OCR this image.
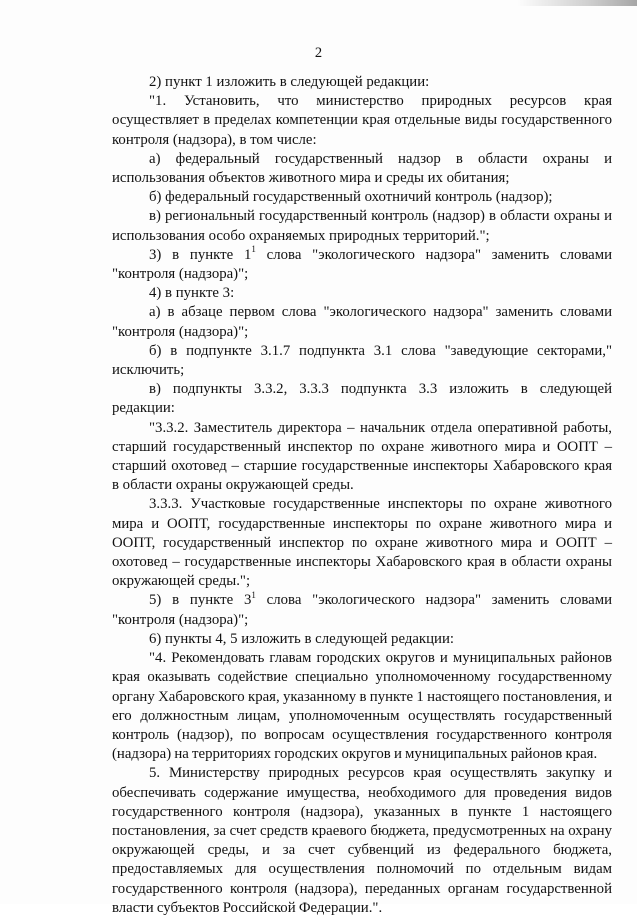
2

2) пункт 1 изложить в следующей редакции:

"1. Установить, что министерство природных ресурсов края осуществляет в пределах компетенции края отдельные виды государственного контроля (надзора), в том числе:

а) федеральный государственный надзор в области охраны и использования объектов животного мира и среды их обитания;

б) федеральный государственный охотничий контроль (надзор);

в) региональный государственный контроль (надзор) в области охраны и использования особо охраняемых природных территорий.";

3) в пункте $1^1$ слова "экологического надзора" заменить словами "контроля (надзора)";

4) в пункте 3:

а) в абзаце первом слова "экологического надзора" заменить словами "контроля (надзора)";

б) в подпункте 3.1.7 подпункта 3.1 слова "заведующие секторами," исключить;

в) подпункты 3.3.2, 3.3.3 подпункта 3.3 изложить в следующей редакции:

"3.3.2. Заместитель директора – начальник отдела оперативной работы, старший государственный инспектор по охране животного мира и ООПТ – старший охотовед – старшие государственные инспекторы Хабаровского края в области охраны окружающей среды.

3.3.3. Участковые государственные инспекторы по охране животного мира и ООПТ, государственные инспекторы по охране животного мира и ООПТ, государственный инспектор по охране животного мира и ООПТ – охотовед – государственные инспекторы Хабаровского края в области охраны окружающей среды.";

5) в пункте $3^1$ слова "экологического надзора" заменить словами "контроля (надзора)";

6) пункты 4, 5 изложить в следующей редакции:

"4. Рекомендовать главам городских округов и муниципальных районов края оказывать содействие специально уполномоченному государственному органу Хабаровского края, указанному в пункте 1 настоящего постановления, и его должностным лицам, уполномоченным осуществлять государственный контроль (надзор), по вопросам осуществления государственного контроля (надзора) на территориях городских округов и муниципальных районов края.

5. Министерству природных ресурсов края осуществлять закупку и обеспечивать содержание имущества, необходимого для проведения видов государственного контроля (надзора), указанных в пункте 1 настоящего постановления, за счет средств краевого бюджета, предусмотренных на охрану окружающей среды, и за счет субвенций из федерального бюджета, предоставляемых для осуществления полномочий по отдельным видам государственного контроля (надзора), переданных органам государственной власти субъектов Российской Федерации.".
